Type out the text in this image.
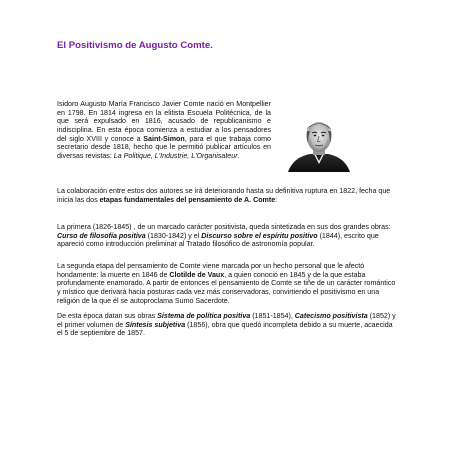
El Positivismo de Augusto Comte.
Isidoro Augusto María Francisco Javier Comte nació en Montpellier en 1798. En 1814 ingresa en la elitista Escuela Politécnica, de la que será expulsado en 1816, acusado de republicanismo e indisciplina. En esta época comienza a estudiar a los pensadores del siglo XVIII y conoce a Saint-Simon, para el que trabaja como secretario desde 1818, hecho que le permitió publicar artículos en diversas revistas: La Politique, L'Industrie, L'Organisateur.
La colaboración entre estos dos autores se irá deteriorando hasta su definitiva ruptura en 1822, fecha que inicia las dos etapas fundamentales del pensamiento de A. Comte:
La primera (1826-1845) , de un marcado carácter positivista, queda sintetizada en sus dos grandes obras: Curso de filosofía positiva (1830-1842) y el Discurso sobre el espíritu positivo (1844), escrito que apareció como introducción preliminar al Tratado filosófico de astronomía popular.
La segunda etapa del pensamiento de Comte viene marcada por un hecho personal que le afectó hondamente: la muerte en 1846 de Clotilde de Vaux, a quien conoció en 1845 y de la que estaba profundamente enamorado. A partir de entonces el pensamiento de Comte se tiñe de un carácter romántico y místico que derivará hacia posturas cada vez más conservadoras, convirtiendo el positivismo en una religión de la que él se autoproclama Sumo Sacerdote.
De esta época datan sus obras Sistema de política positiva (1851-1854), Catecismo positivista (1852) y el primer volumen de Síntesis subjetiva (1856), obra que quedó incompleta debido a su muerte, acaecida el 5 de septiembre de 1857.
